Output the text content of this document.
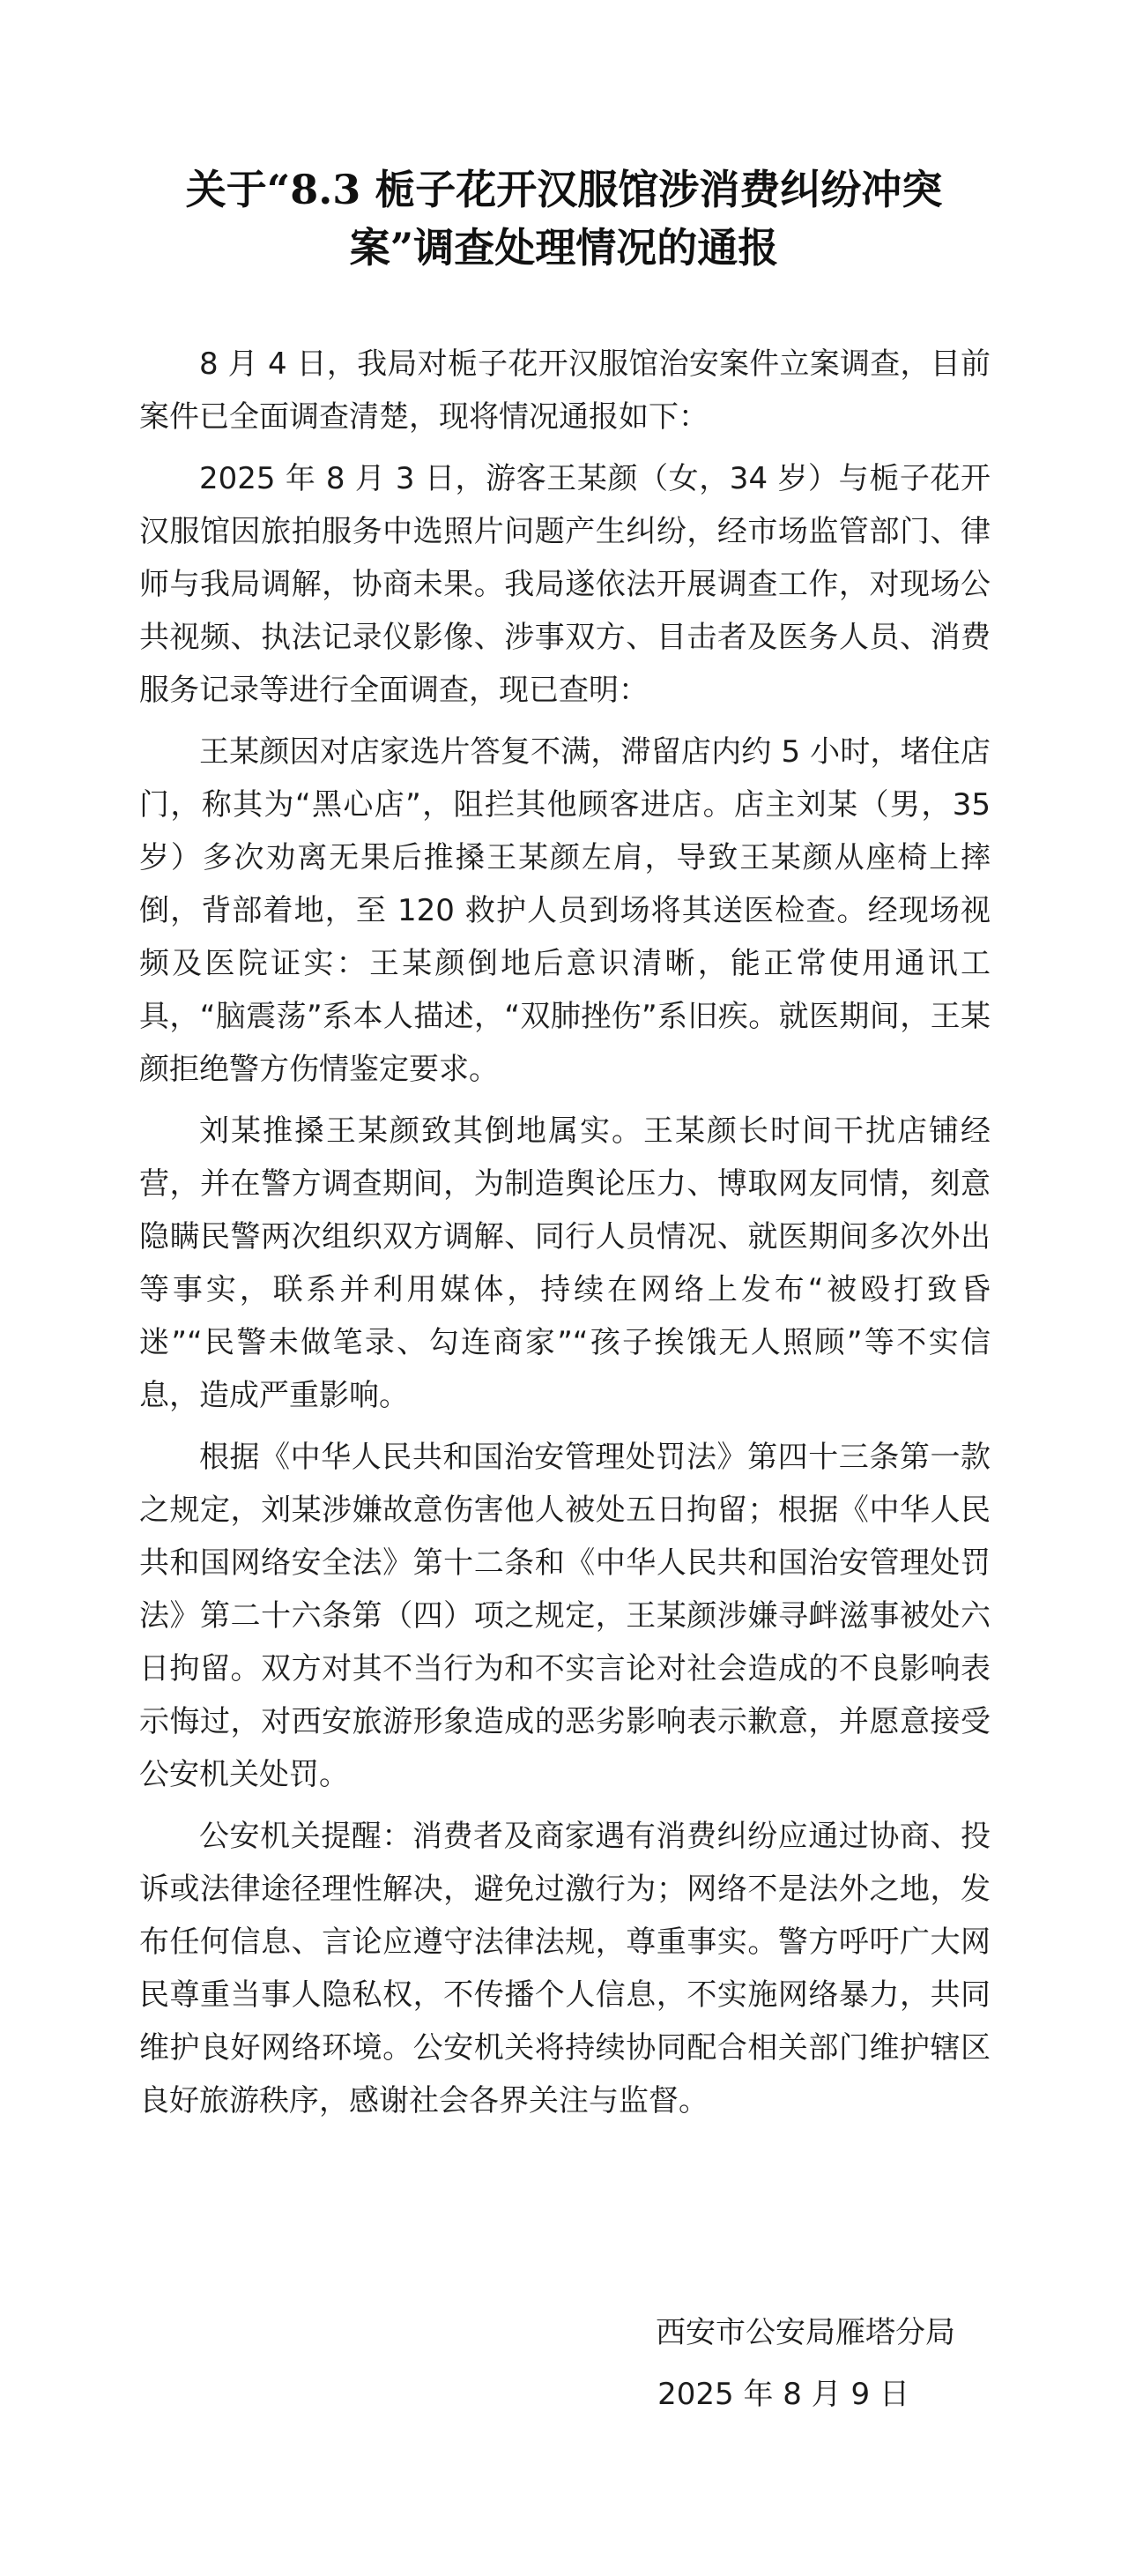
关于“8.3 栀子花开汉服馆涉消费纠纷冲突案”调查处理情况的通报

8 月 4 日，我局对栀子花开汉服馆治安案件立案调查，目前案件已全面调查清楚，现将情况通报如下：

2025 年 8 月 3 日，游客王某颜（女，34 岁）与栀子花开汉服馆因旅拍服务中选照片问题产生纠纷，经市场监管部门、律师与我局调解，协商未果。我局遂依法开展调查工作，对现场公共视频、执法记录仪影像、涉事双方、目击者及医务人员、消费服务记录等进行全面调查，现已查明：

王某颜因对店家选片答复不满，滞留店内约 5 小时，堵住店门，称其为“黑心店”，阻拦其他顾客进店。店主刘某（男，35 岁）多次劝离无果后推搡王某颜左肩，导致王某颜从座椅上摔倒，背部着地，至 120 救护人员到场将其送医检查。经现场视频及医院证实：王某颜倒地后意识清晰，能正常使用通讯工具，“脑震荡”系本人描述，“双肺挫伤”系旧疾。就医期间，王某颜拒绝警方伤情鉴定要求。

刘某推搡王某颜致其倒地属实。王某颜长时间干扰店铺经营，并在警方调查期间，为制造舆论压力、博取网友同情，刻意隐瞒民警两次组织双方调解、同行人员情况、就医期间多次外出等事实，联系并利用媒体，持续在网络上发布“被殴打致昏迷”“民警未做笔录、勾连商家”“孩子挨饿无人照顾”等不实信息，造成严重影响。

根据《中华人民共和国治安管理处罚法》第四十三条第一款之规定，刘某涉嫌故意伤害他人被处五日拘留；根据《中华人民共和国网络安全法》第十二条和《中华人民共和国治安管理处罚法》第二十六条第（四）项之规定，王某颜涉嫌寻衅滋事被处六日拘留。双方对其不当行为和不实言论对社会造成的不良影响表示悔过，对西安旅游形象造成的恶劣影响表示歉意，并愿意接受公安机关处罚。

公安机关提醒：消费者及商家遇有消费纠纷应通过协商、投诉或法律途径理性解决，避免过激行为；网络不是法外之地，发布任何信息、言论应遵守法律法规，尊重事实。警方呼吁广大网民尊重当事人隐私权，不传播个人信息，不实施网络暴力，共同维护良好网络环境。公安机关将持续协同配合相关部门维护辖区良好旅游秩序，感谢社会各界关注与监督。

西安市公安局雁塔分局
2025 年 8 月 9 日
